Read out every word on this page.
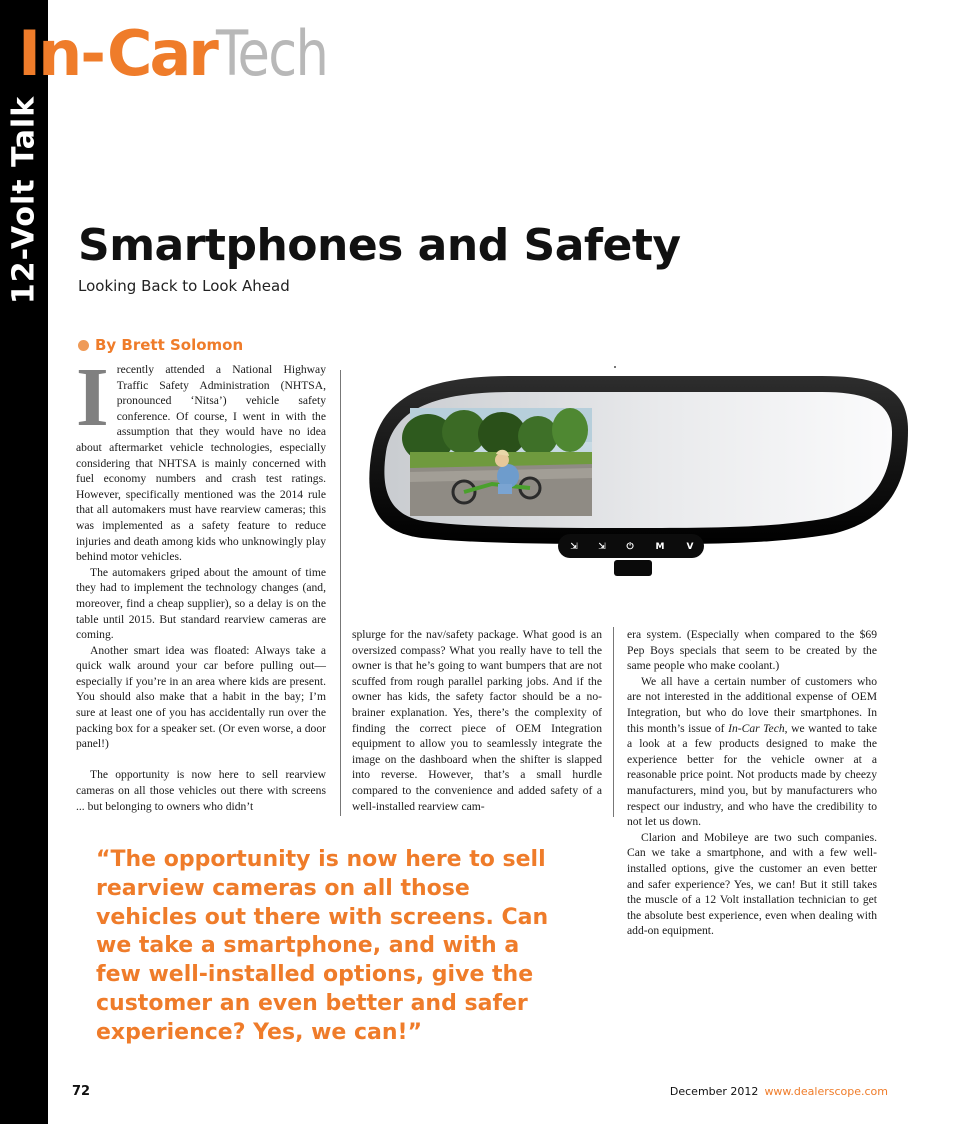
12-Volt Talk
In-CarTech
Smartphones and Safety

Looking Back to Look Ahead

By Brett Solomon

Irecently attended a National Highway Traffic Safety Administration (NHTSA, pronounced ‘Nitsa’) vehicle safety conference. Of course, I went in with the assumption that they would have no idea about aftermarket vehicle technologies, especially considering that NHTSA is mainly concerned with fuel economy numbers and crash test ratings. However, specifically mentioned was the 2014 rule that all automakers must have rearview cameras; this was implemented as a safety feature to reduce injuries and death among kids who unknowingly play behind motor vehicles.

The automakers griped about the amount of time they had to implement the technology changes (and, moreover, find a cheap supplier), so a delay is on the table until 2015. But standard rearview cameras are coming.

Another smart idea was floated: Always take a quick walk around your car before pulling out—especially if you’re in an area where kids are present. You should also make that a habit in the bay; I’m sure at least one of you has accidentally run over the packing box for a speaker set. (Or even worse, a door panel!)

The opportunity is now here to sell rearview cameras on all those vehicles out there with screens ... but belonging to owners who didn’t

⇲ ⇲ ⏻ M V

splurge for the nav/safety package. What good is an oversized compass? What you really have to tell the owner is that he’s going to want bumpers that are not scuffed from rough parallel parking jobs. And if the owner has kids, the safety factor should be a no-brainer explanation. Yes, there’s the complexity of finding the correct piece of OEM Integration equipment to allow you to seamlessly integrate the image on the dashboard when the shifter is slapped into reverse. However, that’s a small hurdle compared to the convenience and added safety of a well-installed rearview cam-

era system. (Especially when compared to the $69 Pep Boys specials that seem to be created by the same people who make coolant.)

We all have a certain number of customers who are not interested in the additional expense of OEM Integration, but who do love their smartphones. In this month’s issue of In-Car Tech, we wanted to take a look at a few products designed to make the experience better for the vehicle owner at a reasonable price point. Not products made by cheezy manufacturers, mind you, but by manufacturers who respect our industry, and who have the credibility to not let us down.

Clarion and Mobileye are two such companies. Can we take a smartphone, and with a few well-installed options, give the customer an even better and safer experience? Yes, we can! But it still takes the muscle of a 12 Volt installation technician to get the absolute best experience, even when dealing with add-on equipment.

“The opportunity is now here to sell rearview cameras on all those vehicles out there with screens. Can we take a smartphone, and with a few well-installed options, give the customer an even better and safer experience? Yes, we can!”

72	December 2012 www.dealerscope.com
